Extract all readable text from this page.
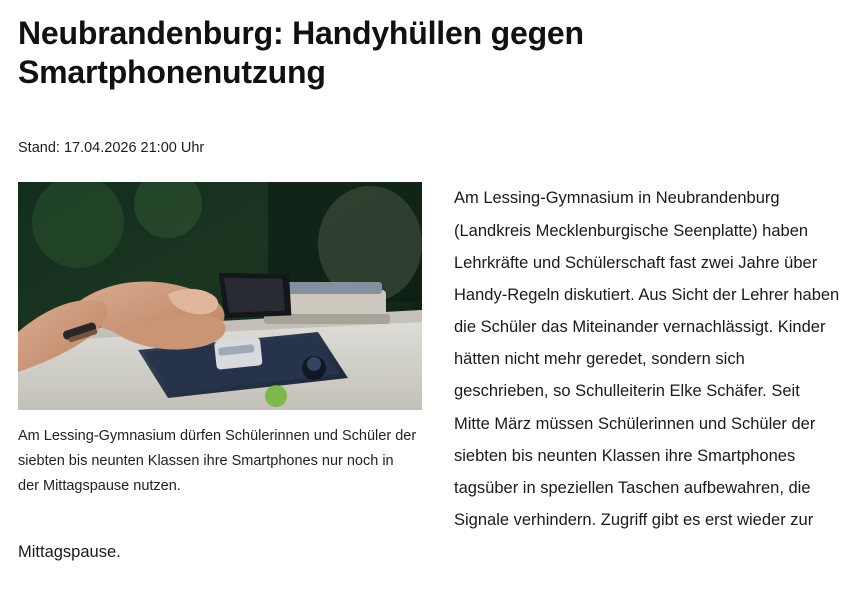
Neubrandenburg: Handyhüllen gegen Smartphonenutzung
Stand: 17.04.2026 21:00 Uhr
Am Lessing-Gymnasium dürfen Schülerinnen und Schüler der siebten bis neunten Klassen ihre Smartphones nur noch in der Mittagspause nutzen.

Am Lessing-Gymnasium in Neubrandenburg (Landkreis Mecklenburgische Seenplatte) haben Lehrkräfte und Schülerschaft fast zwei Jahre über Handy-Regeln diskutiert. Aus Sicht der Lehrer haben die Schüler das Miteinander vernachlässigt. Kinder hätten nicht mehr geredet, sondern sich geschrieben, so Schulleiterin Elke Schäfer. Seit Mitte März müssen Schülerinnen und Schüler der siebten bis neunten Klassen ihre Smartphones tagsüber in speziellen Taschen aufbewahren, die Signale verhindern. Zugriff gibt es erst wieder zur Mittagspause.
